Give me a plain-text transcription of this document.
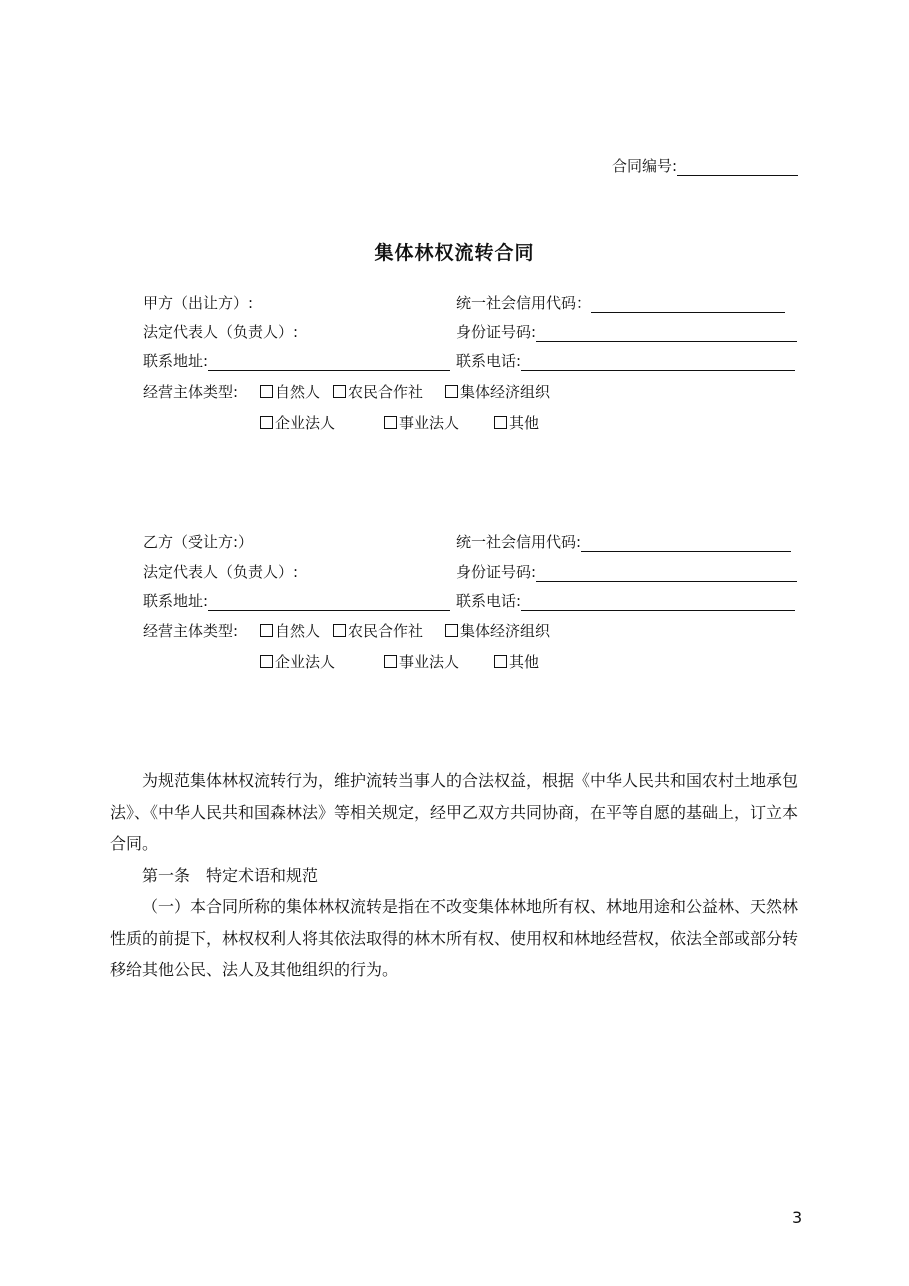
合同编号:
集体林权流转合同
甲方（出让方）:	统一社会信用代码：
法定代表人（负责人）:	身份证号码:
联系地址:	联系电话:
经营主体类型:	自然人	农民合作社	集体经济组织
企业法人	事业法人	其他
乙方（受让方:）	统一社会信用代码:
法定代表人（负责人）:	身份证号码:
联系地址:	联系电话:
经营主体类型:	自然人	农民合作社	集体经济组织
企业法人	事业法人	其他

为规范集体林权流转行为，维护流转当事人的合法权益，根据《中华人民共和国农村土地承包法》、《中华人民共和国森林法》等相关规定，经甲乙双方共同协商，在平等自愿的基础上，订立本合同。

第一条　特定术语和规范

（一）本合同所称的集体林权流转是指在不改变集体林地所有权、林地用途和公益林、天然林性质的前提下，林权权利人将其依法取得的林木所有权、使用权和林地经营权，依法全部或部分转移给其他公民、法人及其他组织的行为。

3
